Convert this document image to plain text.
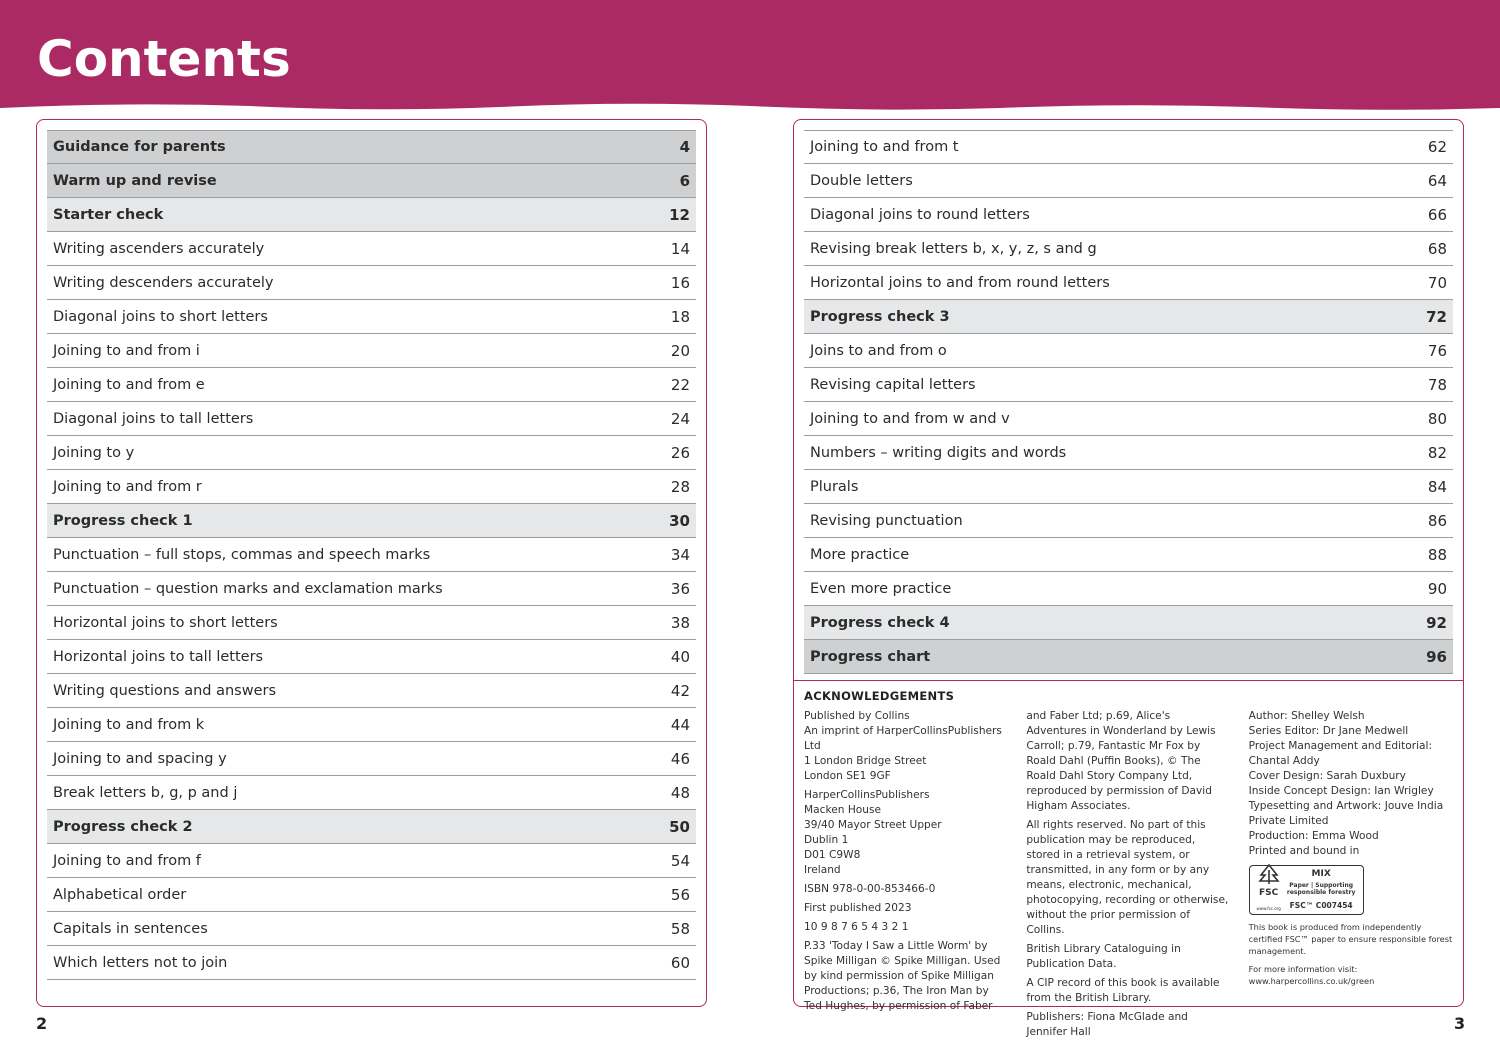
Contents
Guidance for parents	4
Warm up and revise	6
Starter check	12
Writing ascenders accurately	14
Writing descenders accurately	16
Diagonal joins to short letters	18
Joining to and from i	20
Joining to and from e	22
Diagonal joins to tall letters	24
Joining to y	26
Joining to and from r	28
Progress check 1	30
Punctuation – full stops, commas and speech marks	34
Punctuation – question marks and exclamation marks	36
Horizontal joins to short letters	38
Horizontal joins to tall letters	40
Writing questions and answers	42
Joining to and from k	44
Joining to and spacing y	46
Break letters b, g, p and j	48
Progress check 2	50
Joining to and from f	54
Alphabetical order	56
Capitals in sentences	58
Which letters not to join	60
Joining to and from t	62
Double letters	64
Diagonal joins to round letters	66
Revising break letters b, x, y, z, s and g	68
Horizontal joins to and from round letters	70
Progress check 3	72
Joins to and from o	76
Revising capital letters	78
Joining to and from w and v	80
Numbers – writing digits and words	82
Plurals	84
Revising punctuation	86
More practice	88
Even more practice	90
Progress check 4	92
Progress chart	96
ACKNOWLEDGEMENTS

Published by Collins
An imprint of HarperCollinsPublishers Ltd
1 London Bridge Street
London SE1 9GF

HarperCollinsPublishers
Macken House
39/40 Mayor Street Upper
Dublin 1
D01 C9W8
Ireland

ISBN 978-0-00-853466-0

First published 2023

10 9 8 7 6 5 4 3 2 1

P.33 'Today I Saw a Little Worm' by Spike Milligan © Spike Milligan. Used by kind permission of Spike Milligan Productions; p.36, The Iron Man by Ted Hughes, by permission of Faber

and Faber Ltd; p.69, Alice's Adventures in Wonderland by Lewis Carroll; p.79, Fantastic Mr Fox by Roald Dahl (Puffin Books), © The Roald Dahl Story Company Ltd, reproduced by permission of David Higham Associates.

All rights reserved. No part of this publication may be reproduced, stored in a retrieval system, or transmitted, in any form or by any means, electronic, mechanical, photocopying, recording or otherwise, without the prior permission of Collins.

British Library Cataloguing in Publication Data.

A CIP record of this book is available from the British Library.

Publishers: Fiona McGlade and Jennifer Hall

Author: Shelley Welsh
Series Editor: Dr Jane Medwell
Project Management and Editorial: Chantal Addy
Cover Design: Sarah Duxbury
Inside Concept Design: Ian Wrigley
Typesetting and Artwork: Jouve India Private Limited
Production: Emma Wood
Printed and bound in

FSC
www.fsc.org
MIX
Paper | Supporting responsible forestry
FSC™ C007454

This book is produced from independently certified FSC™ paper to ensure responsible forest management.

For more information visit:
www.harpercollins.co.uk/green

2	3
